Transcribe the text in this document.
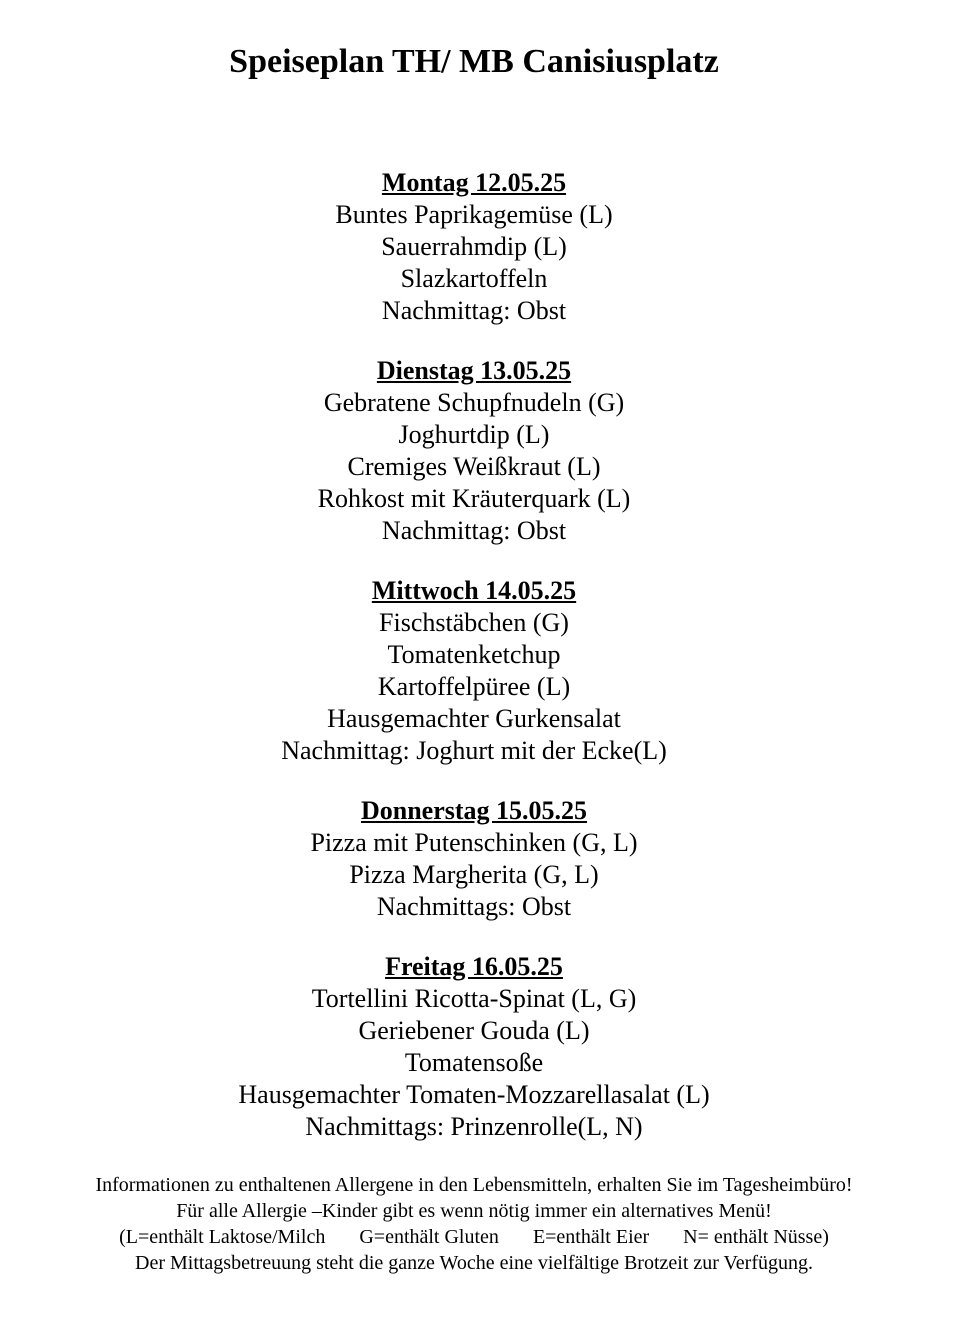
Speiseplan TH/ MB Canisiusplatz
Montag 12.05.25
Buntes Paprikagemüse (L)
Sauerrahmdip (L)
Slazkartoffeln
Nachmittag: Obst
Dienstag 13.05.25
Gebratene Schupfnudeln (G)
Joghurtdip (L)
Cremiges Weißkraut (L)
Rohkost mit Kräuterquark (L)
Nachmittag: Obst
Mittwoch 14.05.25
Fischstäbchen (G)
Tomatenketchup
Kartoffelpüree (L)
Hausgemachter Gurkensalat
Nachmittag: Joghurt mit der Ecke(L)
Donnerstag 15.05.25
Pizza mit Putenschinken (G, L)
Pizza Margherita (G, L)
Nachmittags: Obst
Freitag 16.05.25
Tortellini Ricotta-Spinat (L, G)
Geriebener Gouda (L)
Tomatensoße
Hausgemachter Tomaten-Mozzarellasalat (L)
Nachmittags: Prinzenrolle(L, N)
Informationen zu enthaltenen Allergene in den Lebensmitteln, erhalten Sie im Tagesheimbüro!
Für alle Allergie –Kinder gibt es wenn nötig immer ein alternatives Menü!
(L=enthält Laktose/Milch G=enthält Gluten E=enthält Eier N= enthält Nüsse)
Der Mittagsbetreuung steht die ganze Woche eine vielfältige Brotzeit zur Verfügung.
